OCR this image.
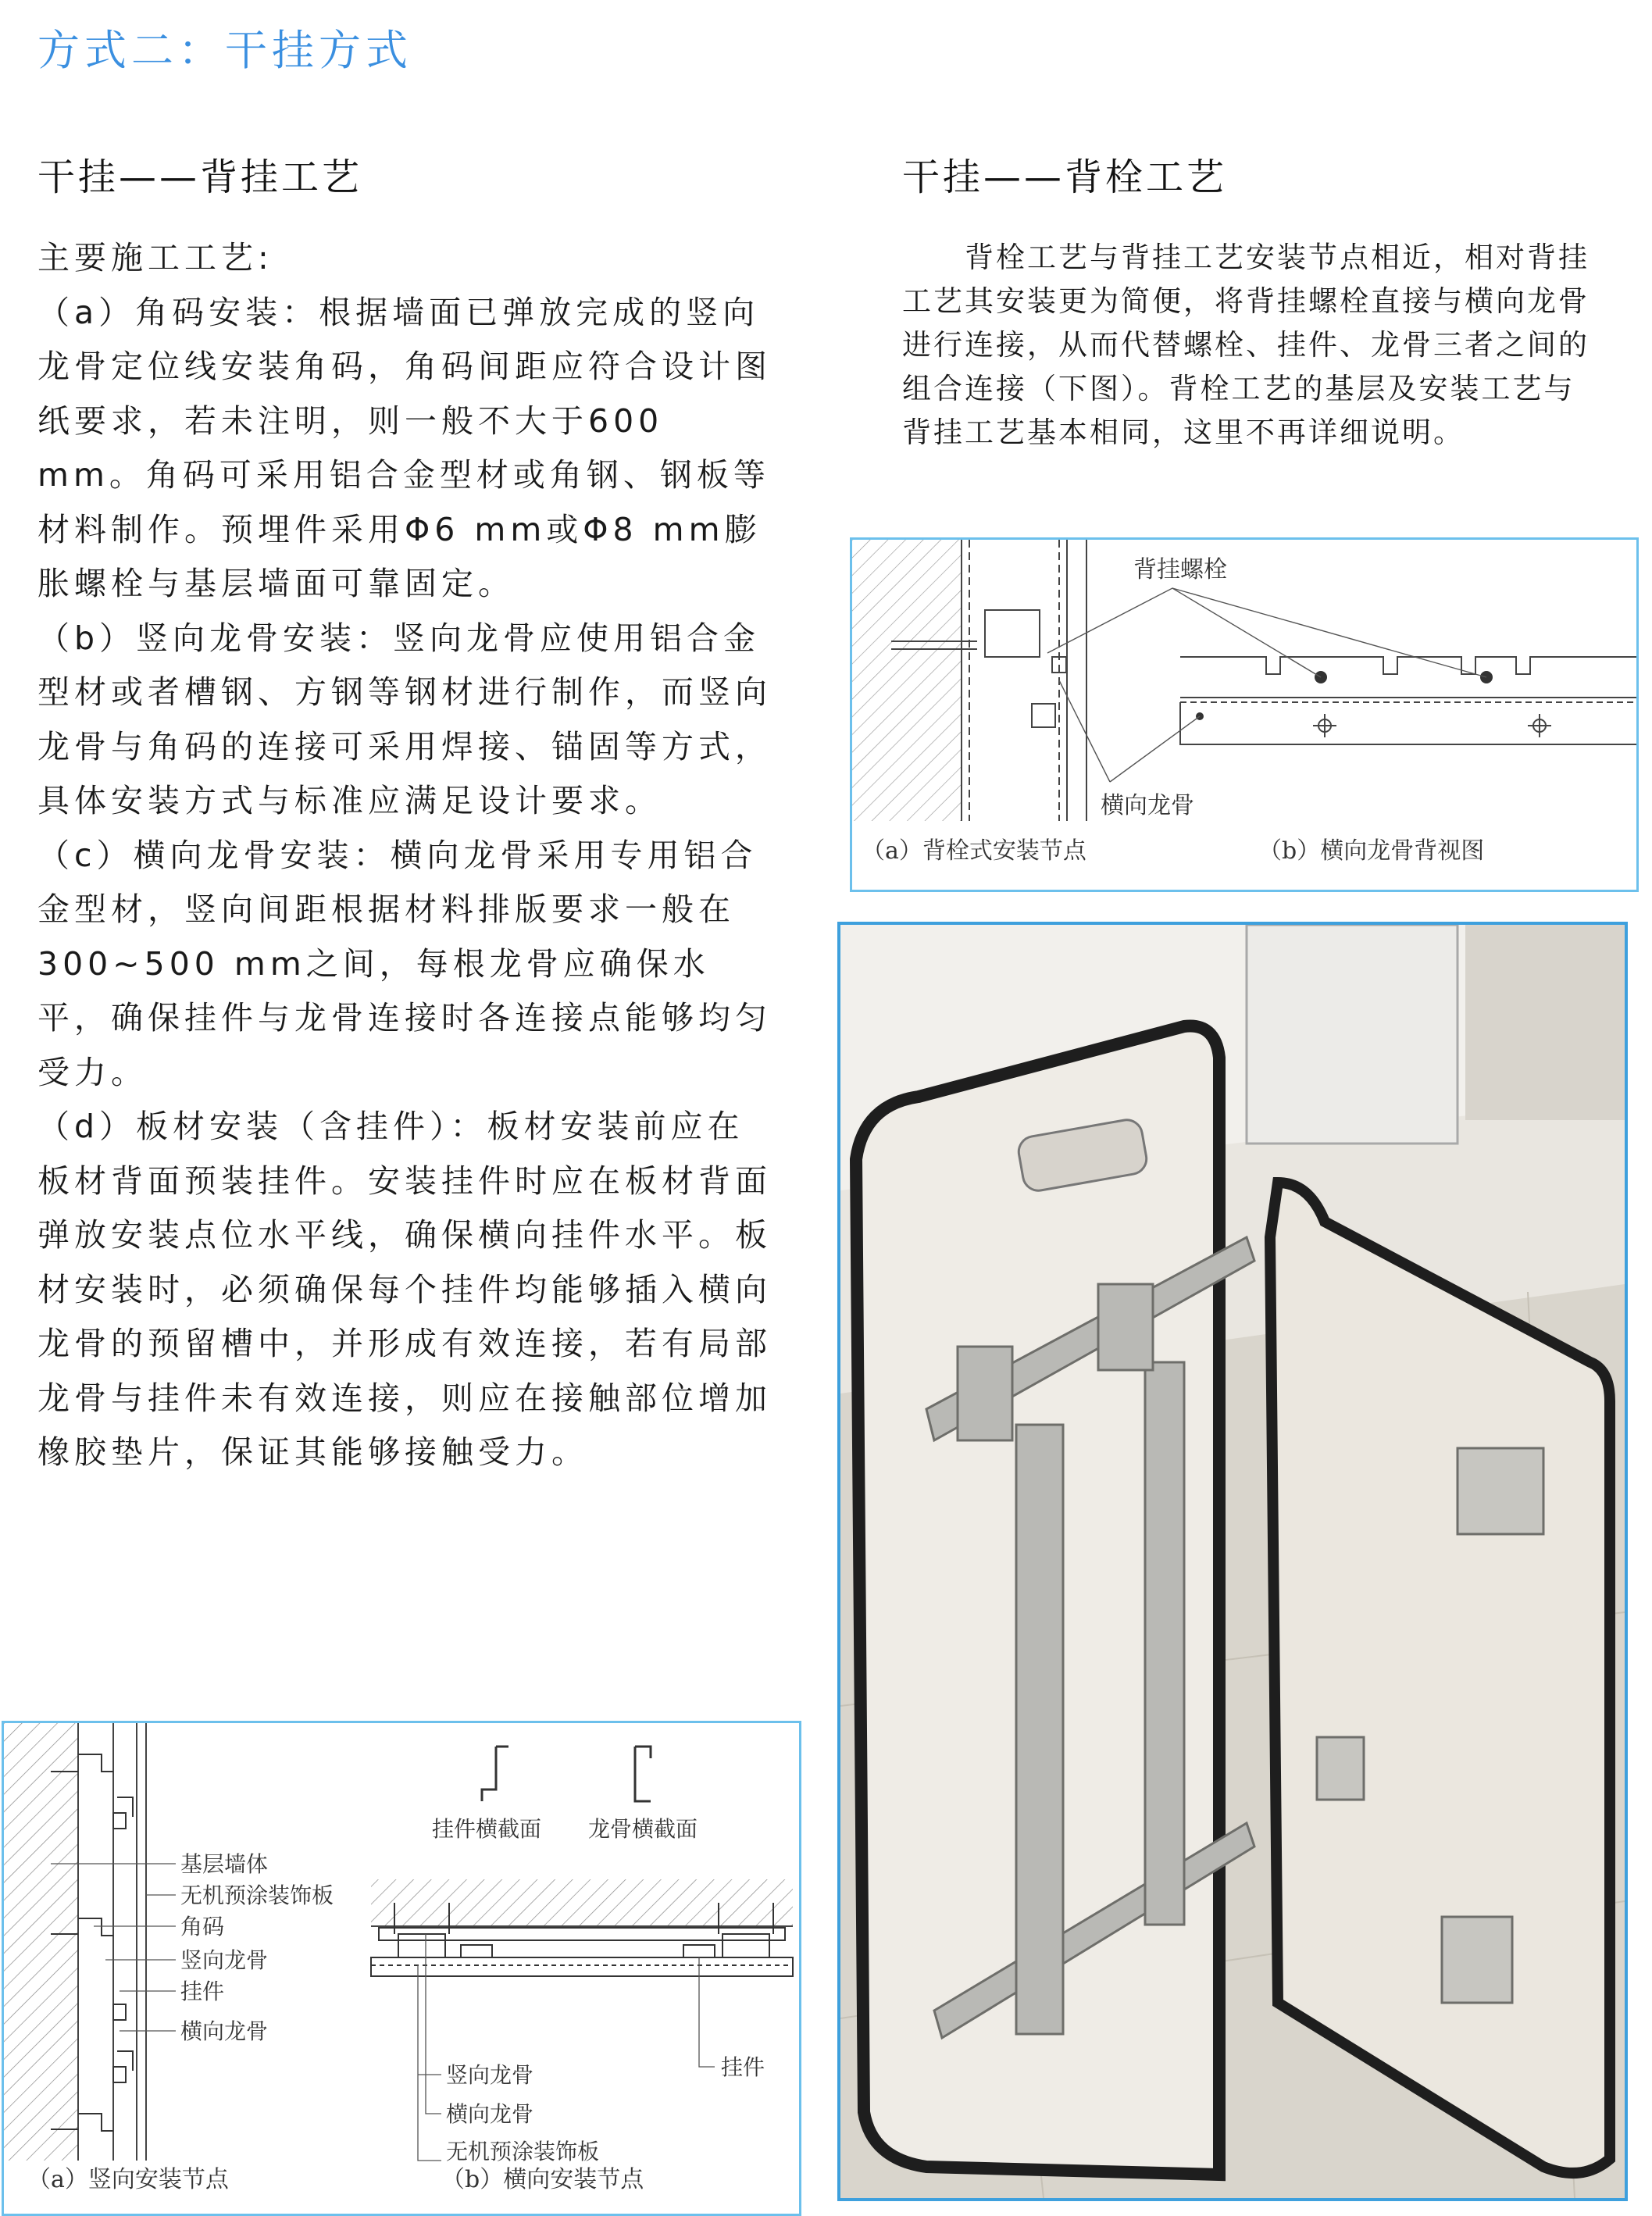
方式二：干挂方式
干挂——背挂工艺

主要施工工艺:

（a）角码安装：根据墙面已弹放完成的竖向龙骨定位线安装角码，角码间距应符合设计图纸要求，若未注明，则一般不大于600 mm。角码可采用铝合金型材或角钢、钢板等材料制作。预埋件采用Φ6 mm或Φ8 mm膨胀螺栓与基层墙面可靠固定。

（b）竖向龙骨安装：竖向龙骨应使用铝合金型材或者槽钢、方钢等钢材进行制作，而竖向龙骨与角码的连接可采用焊接、锚固等方式，具体安装方式与标准应满足设计要求。

（c）横向龙骨安装：横向龙骨采用专用铝合金型材，竖向间距根据材料排版要求一般在300~500 mm之间，每根龙骨应确保水平，确保挂件与龙骨连接时各连接点能够均匀受力。

（d）板材安装（含挂件）：板材安装前应在板材背面预装挂件。安装挂件时应在板材背面弹放安装点位水平线，确保横向挂件水平。板材安装时，必须确保每个挂件均能够插入横向龙骨的预留槽中，并形成有效连接，若有局部龙骨与挂件未有效连接，则应在接触部位增加橡胶垫片，保证其能够接触受力。

基层墙体
无机预涂装饰板
角码
竖向龙骨
挂件
横向龙骨
（a）竖向安装节点
挂件横截面 龙骨横截面
竖向龙骨
横向龙骨
无机预涂装饰板
挂件
（b）横向安装节点
干挂——背栓工艺
背栓工艺与背挂工艺安装节点相近，相对背挂工艺其安装更为简便，将背挂螺栓直接与横向龙骨进行连接，从而代替螺栓、挂件、龙骨三者之间的组合连接（下图）。背栓工艺的基层及安装工艺与背挂工艺基本相同，这里不再详细说明。
背挂螺栓
横向龙骨
（a）背栓式安装节点	（b）横向龙骨背视图
